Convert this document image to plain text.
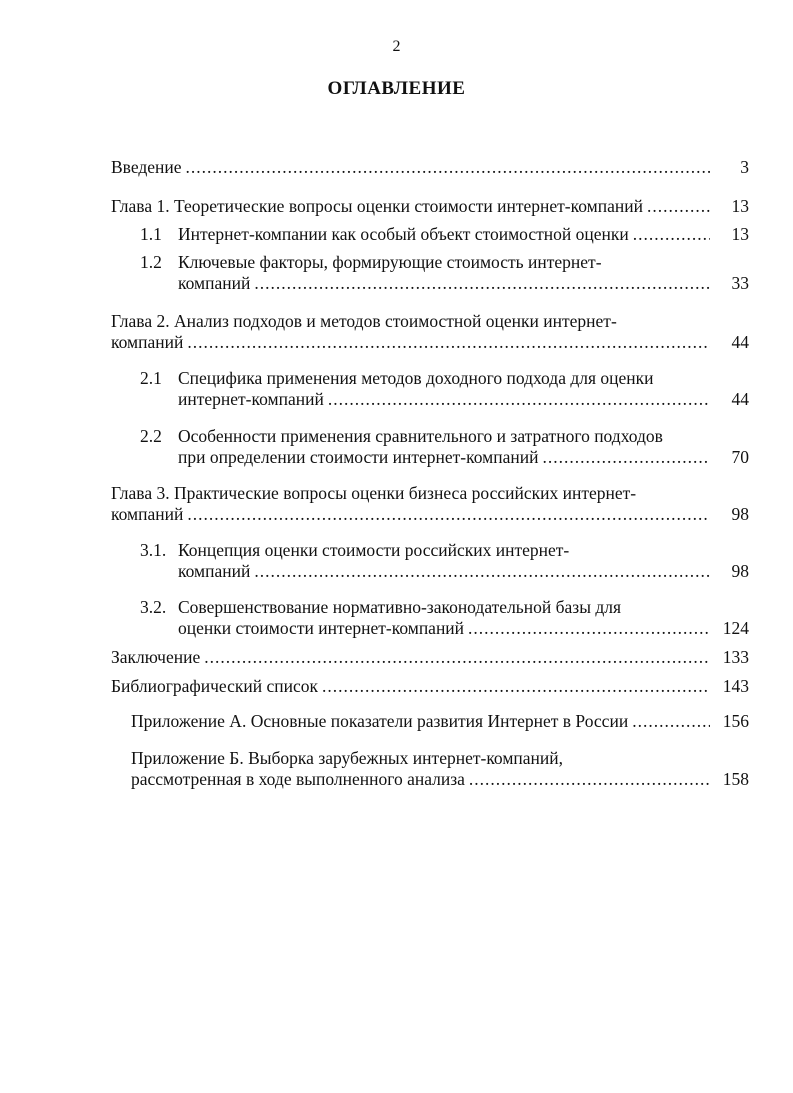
2
ОГЛАВЛЕНИЕ
Введение .....	3
Глава 1. Теоретические вопросы оценки стоимости интернет-компаний .....	13
1.1 Интернет-компании как особый объект стоимостной оценки .....	13
1.2 Ключевые факторы, формирующие стоимость интернет-
компаний .....	33
Глава 2. Анализ подходов и методов стоимостной оценки интернет-
компаний .....	44
2.1 Специфика применения методов доходного подхода для оценки
интернет-компаний .....	44
2.2 Особенности применения сравнительного и затратного подходов
при определении стоимости интернет-компаний .....	70
Глава 3. Практические вопросы оценки бизнеса российских интернет-
компаний .....	98
3.1. Концепция оценки стоимости российских интернет-
компаний .....	98
3.2. Совершенствование нормативно-законодательной базы для
оценки стоимости интернет-компаний .....	124
Заключение .....	133
Библиографический список .....	143
Приложение А. Основные показатели развития Интернет в России .....	156
Приложение Б. Выборка зарубежных интернет-компаний,
рассмотренная в ходе выполненного анализа .....	158
